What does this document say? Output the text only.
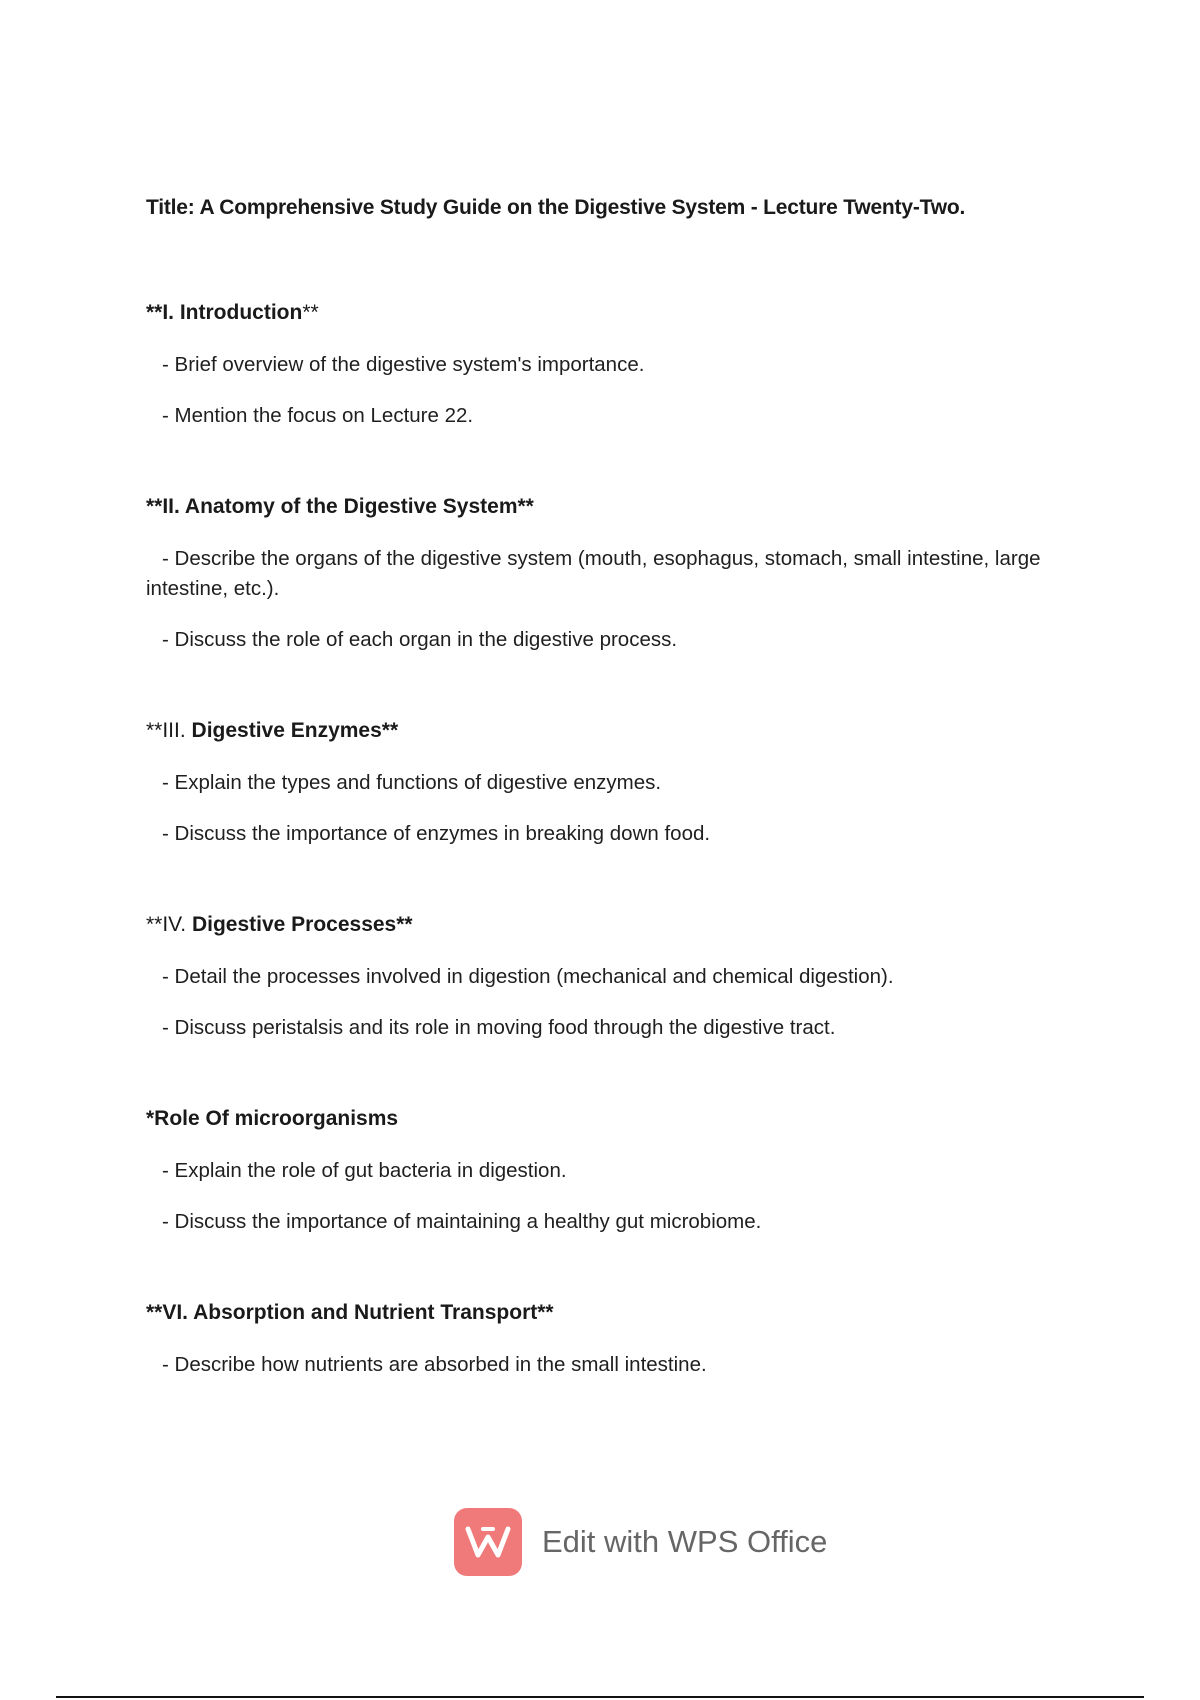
Title: A Comprehensive Study Guide on the Digestive System - Lecture Twenty-Two.
**I. Introduction**
- Brief overview of the digestive system's importance.
- Mention the focus on Lecture 22.
**II. Anatomy of the Digestive System**
- Describe the organs of the digestive system (mouth, esophagus, stomach, small intestine, large intestine, etc.).
- Discuss the role of each organ in the digestive process.
**III. Digestive Enzymes**
- Explain the types and functions of digestive enzymes.
- Discuss the importance of enzymes in breaking down food.
**IV. Digestive Processes**
- Detail the processes involved in digestion (mechanical and chemical digestion).
- Discuss peristalsis and its role in moving food through the digestive tract.
*Role Of microorganisms
- Explain the role of gut bacteria in digestion.
- Discuss the importance of maintaining a healthy gut microbiome.
**VI. Absorption and Nutrient Transport**
- Describe how nutrients are absorbed in the small intestine.
Edit with WPS Office
